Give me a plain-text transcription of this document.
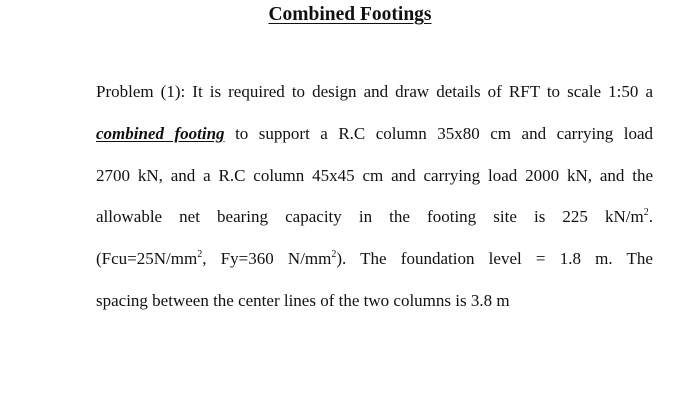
Combined Footings
Problem (1): It is required to design and draw details of RFT to scale 1:50 a
combined footing to support a R.C column 35x80 cm and carrying load
2700 kN, and a R.C column 45x45 cm and carrying load 2000 kN, and the
allowable net bearing capacity in the footing site is 225 $kN/m^2$.
($Fcu=25N/mm^2$, Fy=360 $N/mm^2$). The foundation level = 1.8 m. The
spacing between the center lines of the two columns is 3.8 m
